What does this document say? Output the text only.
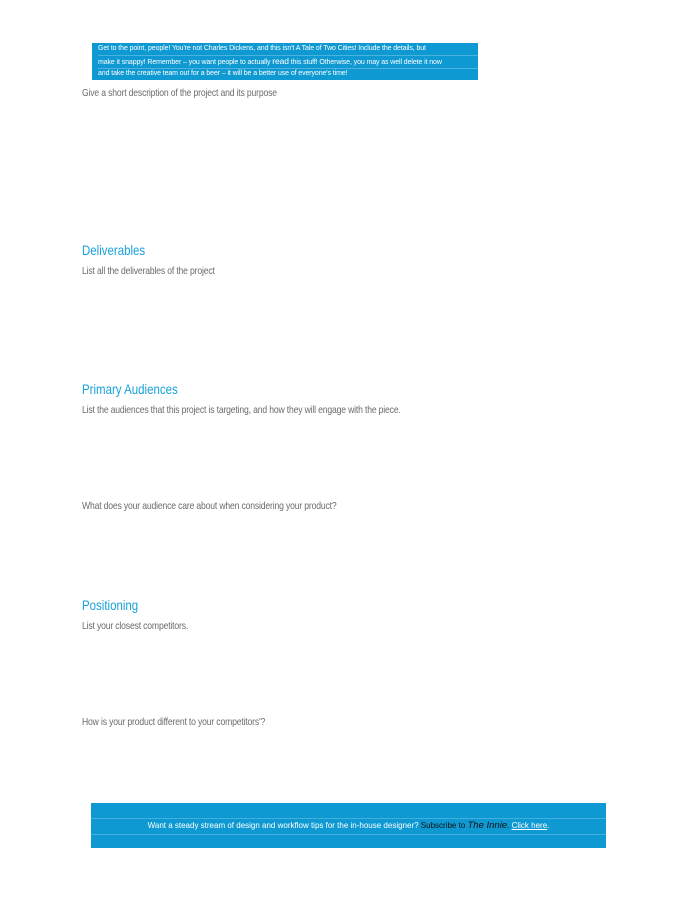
Get to the point, people! You're not Charles Dickens, and this isn't A Tale of Two Cities! Include the details, but
make it snappy! Remember – you want people to actually read this stuff! Otherwise, you may as well delete it now
and take the creative team out for a beer – it will be a better use of everyone's time!
Give a short description of the project and its purpose
Deliverables
List all the deliverables of the project
Primary Audiences
List the audiences that this project is targeting, and how they will engage with the piece.
What does your audience care about when considering your product?
Positioning
List your closest competitors.
How is your product different to your competitors'?
Want a steady stream of design and workflow tips for the in-house designer? Subscribe to The Innie. Click here.
